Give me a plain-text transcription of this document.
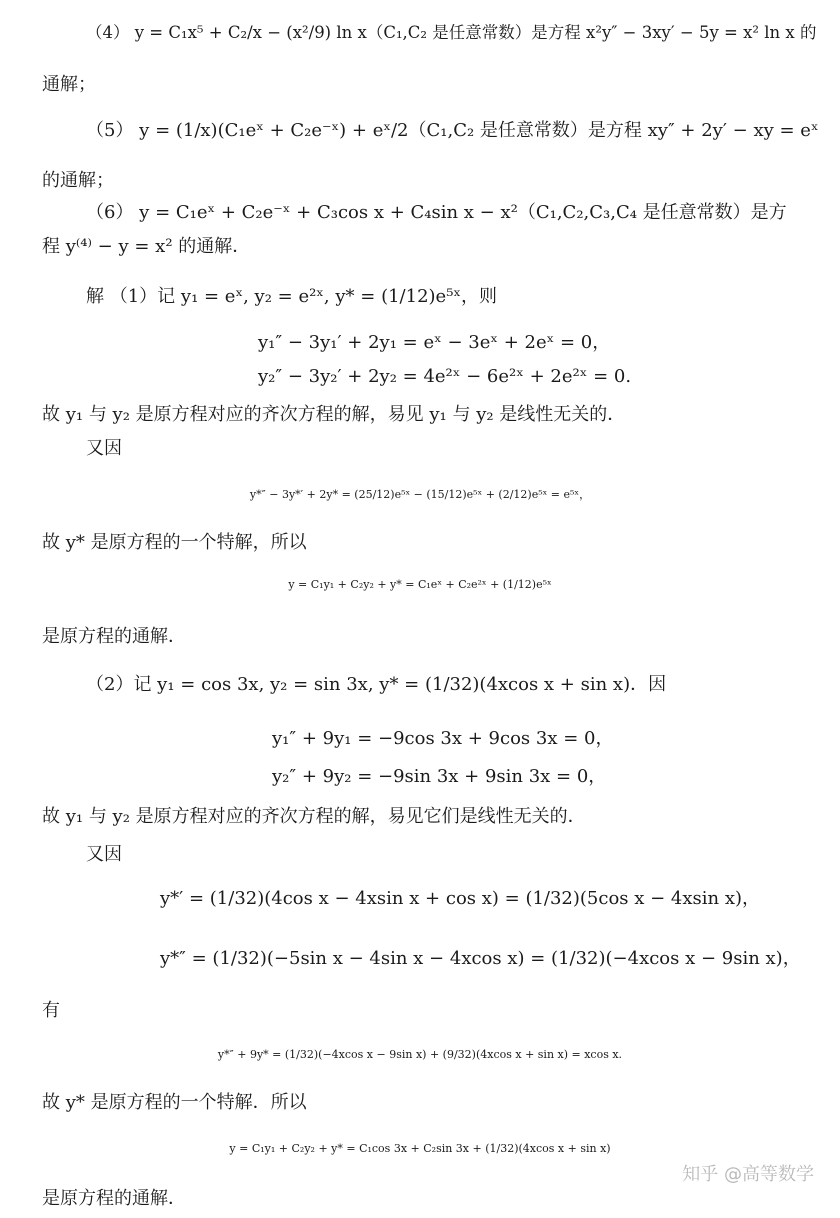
（4） y = C₁x⁵ + C₂/x − (x²/9) ln x（C₁,C₂ 是任意常数）是方程 x²y″ − 3xy′ − 5y = x² ln x 的
通解；
（5） y = (1/x)(C₁eˣ + C₂e⁻ˣ) + eˣ/2（C₁,C₂ 是任意常数）是方程 xy″ + 2y′ − xy = eˣ
的通解；
（6） y = C₁eˣ + C₂e⁻ˣ + C₃cos x + C₄sin x − x²（C₁,C₂,C₃,C₄ 是任意常数）是方
程 y⁽⁴⁾ − y = x² 的通解．
解 （1）记 y₁ = eˣ, y₂ = e²ˣ, y* = (1/12)e⁵ˣ，则
y₁″ − 3y₁′ + 2y₁ = eˣ − 3eˣ + 2eˣ = 0，
y₂″ − 3y₂′ + 2y₂ = 4e²ˣ − 6e²ˣ + 2e²ˣ = 0.
故 y₁ 与 y₂ 是原方程对应的齐次方程的解，易见 y₁ 与 y₂ 是线性无关的．
又因
y*″ − 3y*′ + 2y* = (25/12)e⁵ˣ − (15/12)e⁵ˣ + (2/12)e⁵ˣ = e⁵ˣ，
故 y* 是原方程的一个特解，所以
y = C₁y₁ + C₂y₂ + y* = C₁eˣ + C₂e²ˣ + (1/12)e⁵ˣ
是原方程的通解．
（2）记 y₁ = cos 3x, y₂ = sin 3x, y* = (1/32)(4xcos x + sin x)．因
y₁″ + 9y₁ = −9cos 3x + 9cos 3x = 0，
y₂″ + 9y₂ = −9sin 3x + 9sin 3x = 0，
故 y₁ 与 y₂ 是原方程对应的齐次方程的解，易见它们是线性无关的．
又因
y*′ = (1/32)(4cos x − 4xsin x + cos x) = (1/32)(5cos x − 4xsin x)，
y*″ = (1/32)(−5sin x − 4sin x − 4xcos x) = (1/32)(−4xcos x − 9sin x)，
有
y*″ + 9y* = (1/32)(−4xcos x − 9sin x) + (9/32)(4xcos x + sin x) = xcos x.
故 y* 是原方程的一个特解．所以
y = C₁y₁ + C₂y₂ + y* = C₁cos 3x + C₂sin 3x + (1/32)(4xcos x + sin x)
是原方程的通解．
知乎 @高等数学
